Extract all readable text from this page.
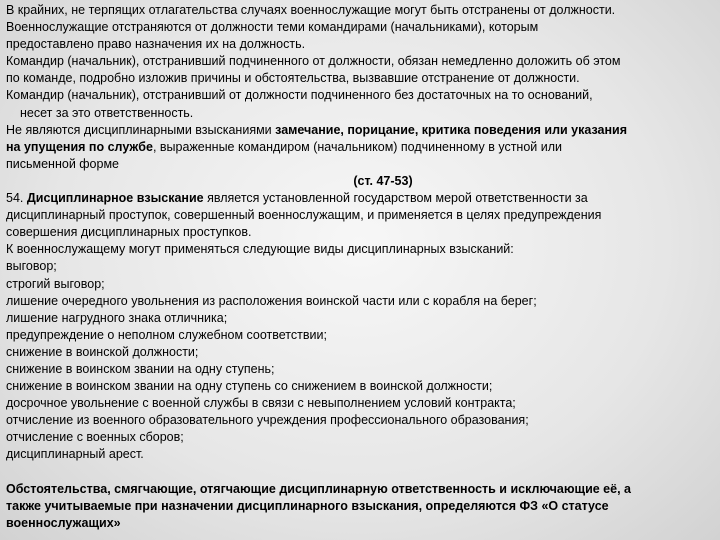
В крайних, не терпящих отлагательства случаях военнослужащие могут быть отстранены от должности.
Военнослужащие отстраняются от должности теми командирами (начальниками), которым
предоставлено право назначения их на должность.
Командир (начальник), отстранивший подчиненного от должности, обязан немедленно доложить об этом
по команде, подробно изложив причины и обстоятельства, вызвавшие отстранение от должности.
Командир (начальник), отстранивший от должности подчиненного без достаточных на то оснований,
несет за это ответственность.
Не являются дисциплинарными взысканиями замечание, порицание, критика поведения или указания
на упущения по службе, выраженные командиром (начальником) подчиненному в устной или
письменной форме
(ст. 47-53)
54. Дисциплинарное взыскание является установленной государством мерой ответственности за
дисциплинарный проступок, совершенный военнослужащим, и применяется в целях предупреждения
совершения дисциплинарных проступков.
К военнослужащему могут применяться следующие виды дисциплинарных взысканий:
выговор;
строгий выговор;
лишение очередного увольнения из расположения воинской части или с корабля на берег;
лишение нагрудного знака отличника;
предупреждение о неполном служебном соответствии;
снижение в воинской должности;
снижение в воинском звании на одну ступень;
снижение в воинском звании на одну ступень со снижением в воинской должности;
досрочное увольнение с военной службы в связи с невыполнением условий контракта;
отчисление из военного образовательного учреждения профессионального образования;
отчисление с военных сборов;
дисциплинарный арест.
Обстоятельства, смягчающие, отягчающие дисциплинарную ответственность и исключающие её, а
также учитываемые при назначении дисциплинарного взыскания, определяются ФЗ «О статусе
военнослужащих»
